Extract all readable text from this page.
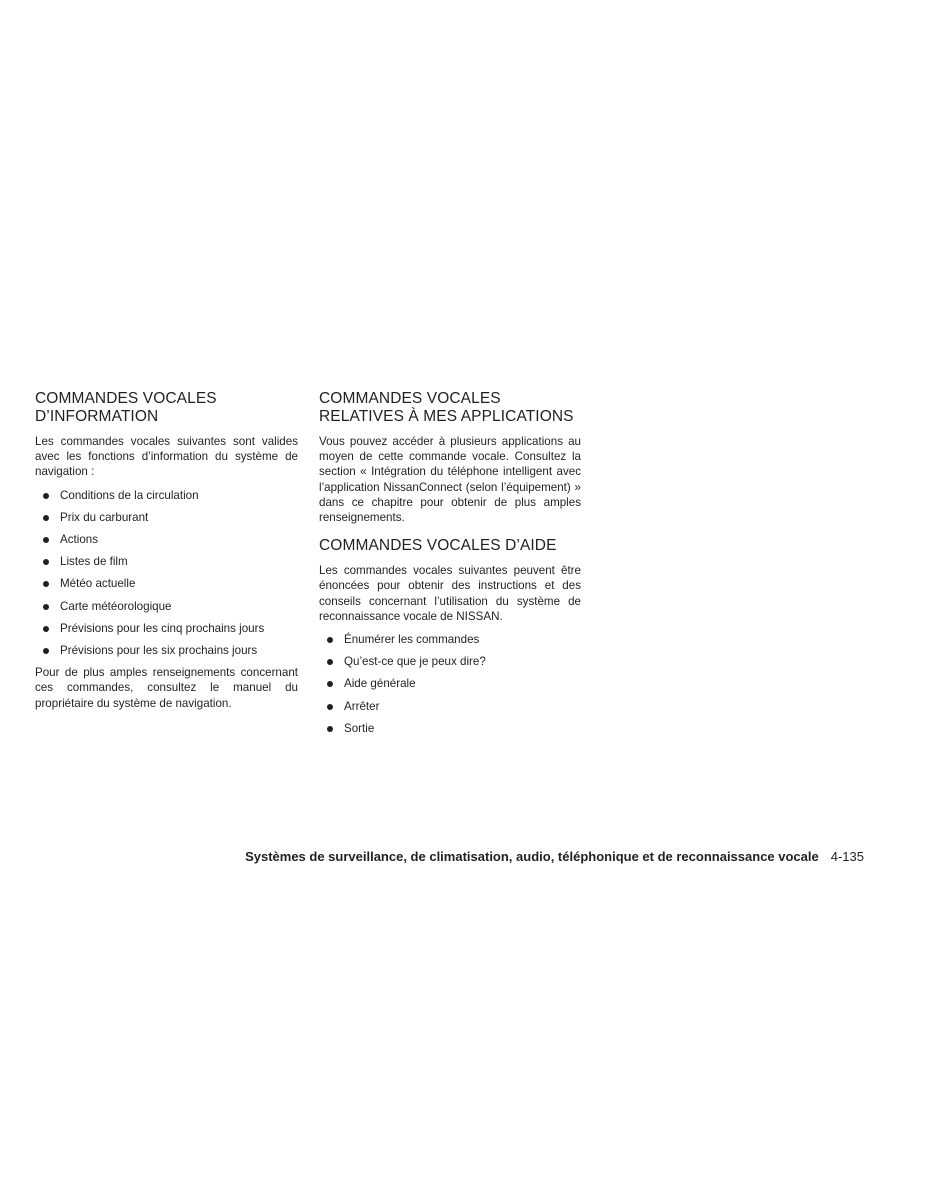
COMMANDES VOCALES
D’INFORMATION

Les commandes vocales suivantes sont valides avec les fonctions d’information du système de navigation :

Conditions de la circulation
Prix du carburant
Actions
Listes de film
Météo actuelle
Carte météorologique
Prévisions pour les cinq prochains jours
Prévisions pour les six prochains jours

Pour de plus amples renseignements concernant ces commandes, consultez le manuel du propriétaire du système de navigation.

COMMANDES VOCALES
RELATIVES À MES APPLICATIONS

Vous pouvez accéder à plusieurs applications au moyen de cette commande vocale. Consultez la section « Intégration du téléphone intelligent avec l’application NissanConnect (selon l’équipement) » dans ce chapitre pour obtenir de plus amples renseignements.

COMMANDES VOCALES D’AIDE

Les commandes vocales suivantes peuvent être énoncées pour obtenir des instructions et des conseils concernant l’utilisation du système de reconnaissance vocale de NISSAN.

Énumérer les commandes
Qu’est-ce que je peux dire?
Aide générale
Arrêter
Sortie
Systèmes de surveillance, de climatisation, audio, téléphonique et de reconnaissance vocale 4-135
